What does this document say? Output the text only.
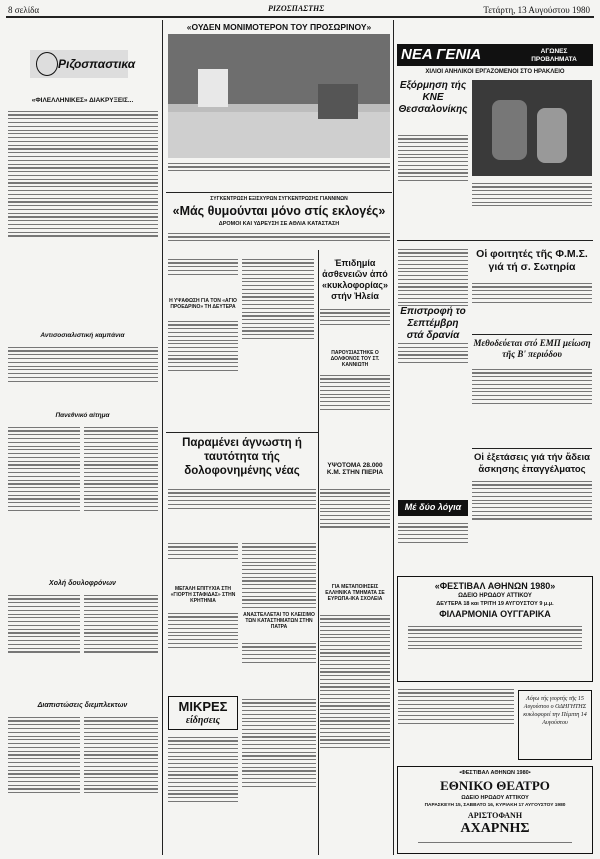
8 σελίδα	ΡΙΖΟΣΠΑΣΤΗΣ	Τετάρτη, 13 Αυγούστου 1980
Ριζοσπαστικα
«ΦΙΛΕΛΛΗΝΙΚΕΣ» ΔΙΑΚΡΥΞΕΙΣ...
Αντισοσιαλιστική καμπάνια
Πανεθνικό αίτημα
Χολή δουλοφρόνων
Διαπιστώσεις διεμπλεκτων
«ΟΥΔΕΝ ΜΟΝΙΜΟΤΕΡΟΝ ΤΟΥ ΠΡΟΣΩΡΙΝΟΥ»
ΣΥΓΚΕΝΤΡΩΣΗ ΕΞΙΣΧΥΡΩΝ ΣΥΓΚΕΝΤΡΩΣΗΣ ΓΙΑΝΝΙΝΩΝ
«Μάς θυμούνται μόνο στίς εκλογές»
ΔΡΟΜΟΙ ΚΑΙ ΥΔΡΕΥΣΗ ΣΕ ΑΘΛΙΑ ΚΑΤΑΣΤΑΣΗ
Η ΥΨΑΦΩΣΗ ΓΙΑ ΤΟΝ «ΑΓΙΟ ΠΡΟΕΔΡΙΝΟ» ΤΗ ΔΕΥΤΕΡΑ
Παραμένει άγνωστη ή ταυτότητα τής δολοφονημένης νέας
ΜΕΓΑΛΗ ΕΠΙΤΥΧΙΑ ΣΤΗ «ΓΙΟΡΤΗ ΣΤΑΦΙΔΑΣ» ΣΤΗΝ ΚΡΗΤΗΝΙΑ
ΑΝΑΣΤΕΛΛΕΤΑΙ ΤΟ ΚΛΕΙΣΙΜΟ ΤΩΝ ΚΑΤΑΣΤΗΜΑΤΩΝ ΣΤΗΝ ΠΑΤΡΑ
ΜΙΚΡΕΣ
είδησεις
Ἐπιδημία ἀσθενειῶν ἀπό «κυκλοφορίας» στήν Ἠλεία
ΠΑΡΟΥΣΙΑΣΤΗΚΕ Ο ΔΟΛΦΟΝΟΣ ΤΟΥ ΣΤ. ΚΑΝΝΙΩΤΗ
ΥΨΟΤΟΜΑ 28.000 Κ.Μ. ΣΤΗΝ ΠΙΕΡΙΑ
ΓΙΑ ΜΕΤΑΠΟΙΗΣΕΙΣ ΕΛΛΗΝΙΚΑ ΤΜΗΜΑΤΑ ΣΕ ΕΥΡΩΠΑ-ΙΚΑ ΣΧΟΛΕΙΑ
ΝΕΑ ΓΕΝΙΑ	ΑΓΩΝΕΣ ΠΡΟΒΛΗΜΑΤΑ
ΧΙΛΙΟΙ ΑΝΗΛΙΚΟΙ ΕΡΓΑΖΟΜΕΝΟΙ ΣΤΟ ΗΡΑΚΛΕΙΟ
Εξόρμηση τής ΚΝΕ Θεσσαλονίκης
Επιστροφή το Σεπτέμβρη στά δρανία
Μέ δύο λόγια
Οἱ φοιτητές τῆς Φ.Μ.Σ. γιά τή σ. Σωτηρία
Μεθοδεύεται στό ΕΜΠ μείωση τῆς Β' περιόδου
Οἱ ἐξετάσεις γιά τήν ἄδεια ἄσκησης ἐπαγγέλματος
«ΦΕΣΤΙΒΑΛ ΑΘΗΝΩΝ 1980»
ΩΔΕΙΟ ΗΡΩΔΟΥ ΑΤΤΙΚΟΥ
ΔΕΥΤΕΡΑ 18 και ΤΡΙΤΗ 19 ΑΥΓΟΥΣΤΟΥ 9 μ.μ.
ΦΙΛΑΡΜΟΝΙΑ ΟΥΓΓΑΡΙΚΑ
Λόγω τής γιορτής τῆς 15 Αυγούστου ο ΟΔΗΓΗΤΗΣ κυκλοφορεί την Πέμπτη 14 Αυγούστου
•ΦΕΣΤΙΒΑΛ ΑΘΗΝΩΝ 1980•
ΕΘΝΙΚΟ ΘΕΑΤΡΟ
ΩΔΕΙΟ ΗΡΩΔΟΥ ΑΤΤΙΚΟΥ
ΠΑΡΑΣΚΕΥΗ 15, ΣΑΒΒΑΤΟ 16, ΚΥΡΙΑΚΗ 17 ΑΥΓΟΥΣΤΟΥ 1980
ΑΡΙΣΤΟΦΑΝΗ
ΑΧΑΡΝΗΣ
